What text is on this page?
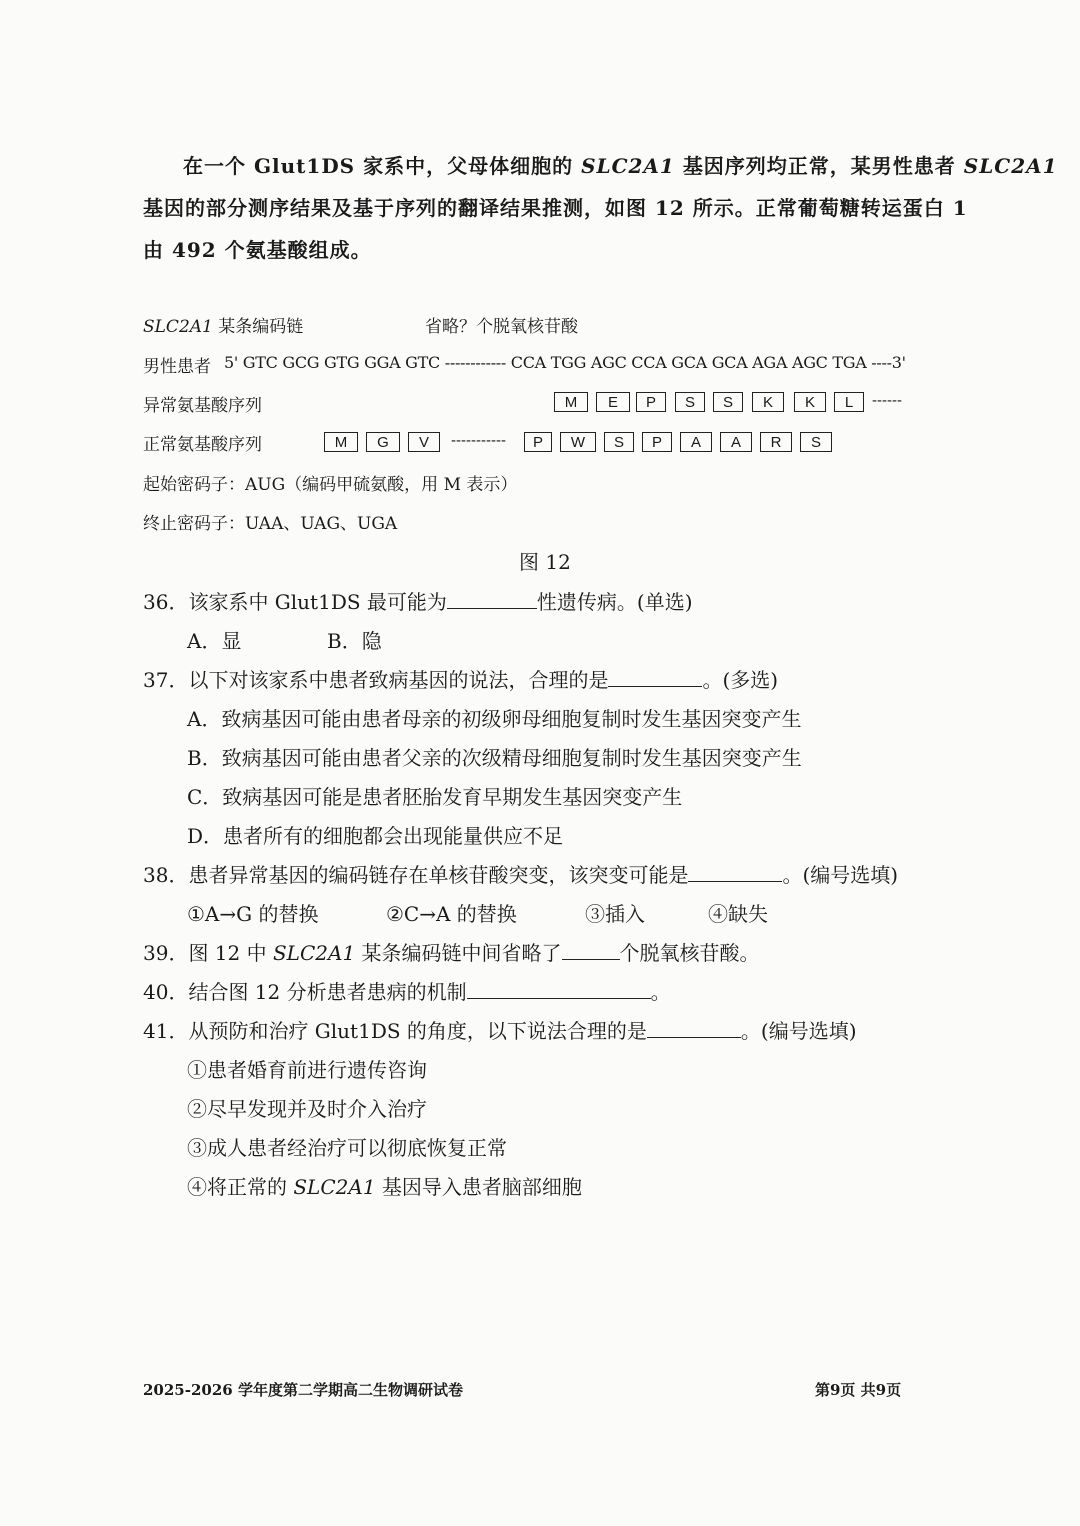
在一个 Glut1DS 家系中，父母体细胞的 SLC2A1 基因序列均正常，某男性患者 SLC2A1
基因的部分测序结果及基于序列的翻译结果推测，如图 12 所示。正常葡萄糖转运蛋白 1
由 492 个氨基酸组成。
SLC2A1 某条编码链	省略？个脱氧核苷酸
男性患者 5' GTC GCG GTG GGA GTC ------------ CCA TGG AGC CCA GCA GCA AGA AGC TGA ----3'
异常氨基酸序列	M	E	P	S	S	K	K	L	------
正常氨基酸序列	M	G	V	-----------	P	W	S	P	A	A	R	S
起始密码子：AUG（编码甲硫氨酸，用 M 表示）
终止密码子：UAA、UAG、UGA
图 12
36．该家系中 Glut1DS 最可能为	性遗传病。(单选)
A．显	B．隐
37．以下对该家系中患者致病基因的说法，合理的是	。(多选)
A．致病基因可能由患者母亲的初级卵母细胞复制时发生基因突变产生
B．致病基因可能由患者父亲的次级精母细胞复制时发生基因突变产生
C．致病基因可能是患者胚胎发育早期发生基因突变产生
D．患者所有的细胞都会出现能量供应不足
38．患者异常基因的编码链存在单核苷酸突变，该突变可能是	。(编号选填)
①A→G 的替换	②C→A 的替换	③插入	④缺失
39．图 12 中 SLC2A1 某条编码链中间省略了	个脱氧核苷酸。
40．结合图 12 分析患者患病的机制	。
41．从预防和治疗 Glut1DS 的角度，以下说法合理的是	。(编号选填)
①患者婚育前进行遗传咨询
②尽早发现并及时介入治疗
③成人患者经治疗可以彻底恢复正常
④将正常的 SLC2A1 基因导入患者脑部细胞
2025-2026 学年度第二学期高二生物调研试卷	第9页 共9页
